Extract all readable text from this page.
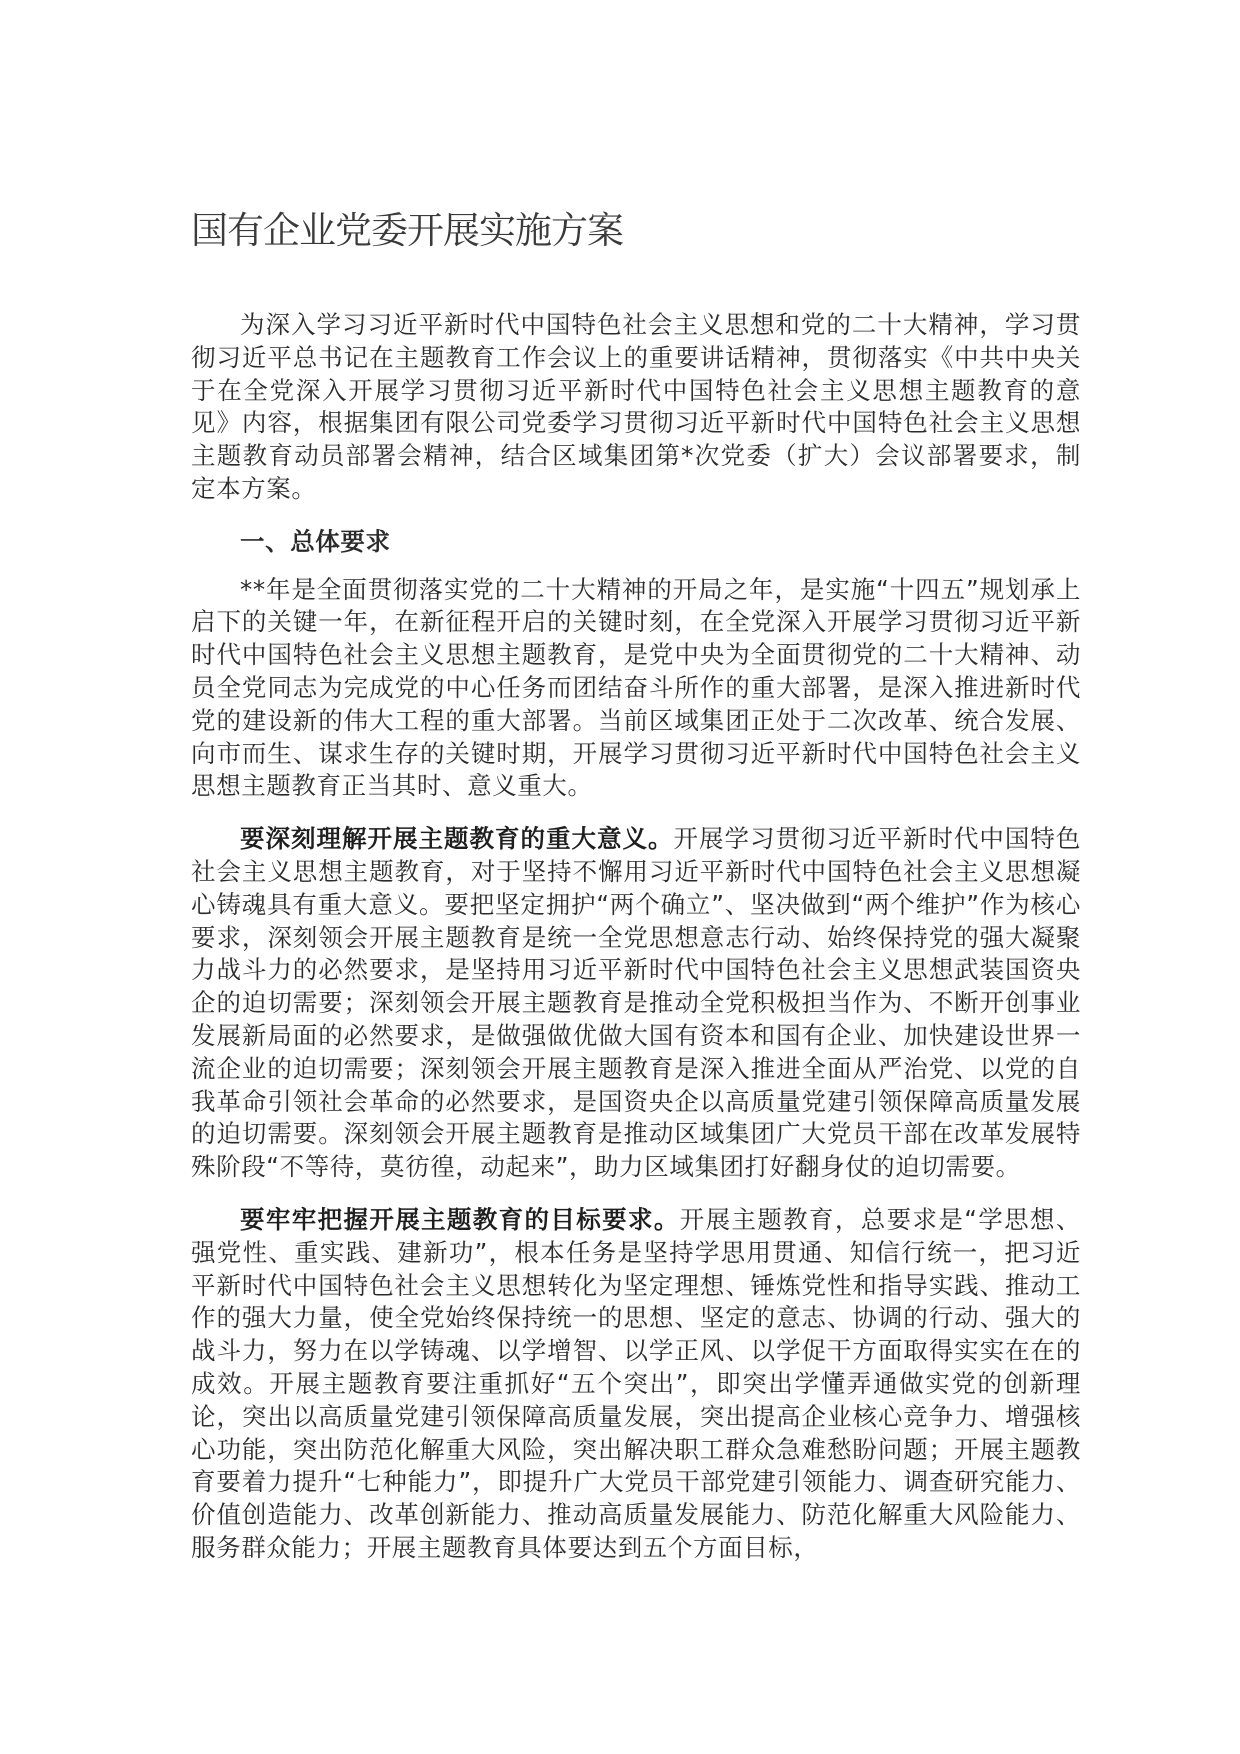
国有企业党委开展实施方案

为深入学习习近平新时代中国特色社会主义思想和党的二十大精神，学习贯彻习近平总书记在主题教育工作会议上的重要讲话精神，贯彻落实《中共中央关于在全党深入开展学习贯彻习近平新时代中国特色社会主义思想主题教育的意见》内容，根据集团有限公司党委学习贯彻习近平新时代中国特色社会主义思想主题教育动员部署会精神，结合区域集团第*次党委（扩大）会议部署要求，制定本方案。

一、总体要求

**年是全面贯彻落实党的二十大精神的开局之年，是实施“十四五”规划承上启下的关键一年，在新征程开启的关键时刻，在全党深入开展学习贯彻习近平新时代中国特色社会主义思想主题教育，是党中央为全面贯彻党的二十大精神、动员全党同志为完成党的中心任务而团结奋斗所作的重大部署，是深入推进新时代党的建设新的伟大工程的重大部署。当前区域集团正处于二次改革、统合发展、向市而生、谋求生存的关键时期，开展学习贯彻习近平新时代中国特色社会主义思想主题教育正当其时、意义重大。

要深刻理解开展主题教育的重大意义。开展学习贯彻习近平新时代中国特色社会主义思想主题教育，对于坚持不懈用习近平新时代中国特色社会主义思想凝心铸魂具有重大意义。要把坚定拥护“两个确立”、坚决做到“两个维护”作为核心要求，深刻领会开展主题教育是统一全党思想意志行动、始终保持党的强大凝聚力战斗力的必然要求，是坚持用习近平新时代中国特色社会主义思想武装国资央企的迫切需要；深刻领会开展主题教育是推动全党积极担当作为、不断开创事业发展新局面的必然要求，是做强做优做大国有资本和国有企业、加快建设世界一流企业的迫切需要；深刻领会开展主题教育是深入推进全面从严治党、以党的自我革命引领社会革命的必然要求，是国资央企以高质量党建引领保障高质量发展的迫切需要。深刻领会开展主题教育是推动区域集团广大党员干部在改革发展特殊阶段“不等待，莫彷徨，动起来”，助力区域集团打好翻身仗的迫切需要。

要牢牢把握开展主题教育的目标要求。开展主题教育，总要求是“学思想、强党性、重实践、建新功”，根本任务是坚持学思用贯通、知信行统一，把习近平新时代中国特色社会主义思想转化为坚定理想、锤炼党性和指导实践、推动工作的强大力量，使全党始终保持统一的思想、坚定的意志、协调的行动、强大的战斗力，努力在以学铸魂、以学增智、以学正风、以学促干方面取得实实在在的成效。开展主题教育要注重抓好“五个突出”，即突出学懂弄通做实党的创新理论，突出以高质量党建引领保障高质量发展，突出提高企业核心竞争力、增强核心功能，突出防范化解重大风险，突出解决职工群众急难愁盼问题；开展主题教育要着力提升“七种能力”，即提升广大党员干部党建引领能力、调查研究能力、价值创造能力、改革创新能力、推动高质量发展能力、防范化解重大风险能力、服务群众能力；开展主题教育具体要达到五个方面目标，
